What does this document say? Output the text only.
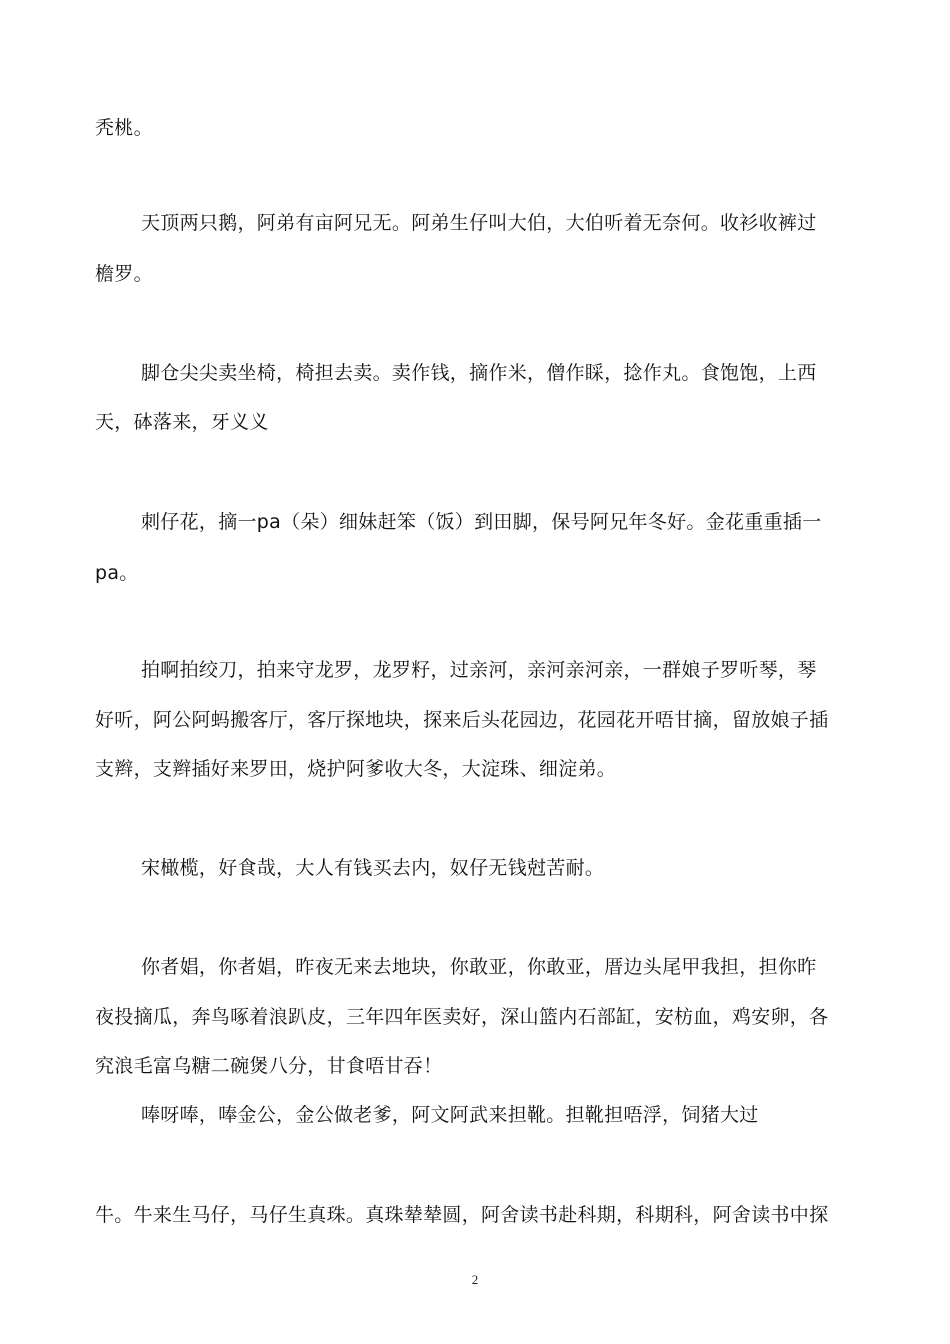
秃桃。
天顶两只鹅，阿弟有亩阿兄无。阿弟生仔叫大伯，大伯听着无奈何。收衫收裤过
檐罗。
脚仓尖尖卖坐椅，椅担去卖。卖作钱，摘作米，僧作睬，捻作丸。食饱饱，上西
天，砵落来，牙义义
刺仔花，摘一pa（朵）细妹赶笨（饭）到田脚，保号阿兄年冬好。金花重重插一
pa。
拍啊拍绞刀，拍来守龙罗，龙罗籽，过亲河，亲河亲河亲，一群娘子罗听琴，琴
好听，阿公阿蚂搬客厅，客厅探地块，探来后头花园边，花园花开唔甘摘，留放娘子插
支辫，支辫插好来罗田，烧护阿爹收大冬，大淀珠、细淀弟。
宋橄榄，好食哉，大人有钱买去内，奴仔无钱尅苦耐。
你者娼，你者娼，昨夜无来去地块，你敢亚，你敢亚，厝边头尾甲我担，担你昨
夜投摘瓜，奔鸟啄着浪趴皮，三年四年医卖好，深山篮内石部缸，安枋血，鸡安卵，各
究浪毛富乌糖二碗煲八分，甘食唔甘吞！
唪呀唪，唪金公，金公做老爹，阿文阿武来担靴。担靴担唔浮，饲猪大过
牛。牛来生马仔，马仔生真珠。真珠辇辇圆，阿舍读书赴科期，科期科，阿舍读书中探
2
